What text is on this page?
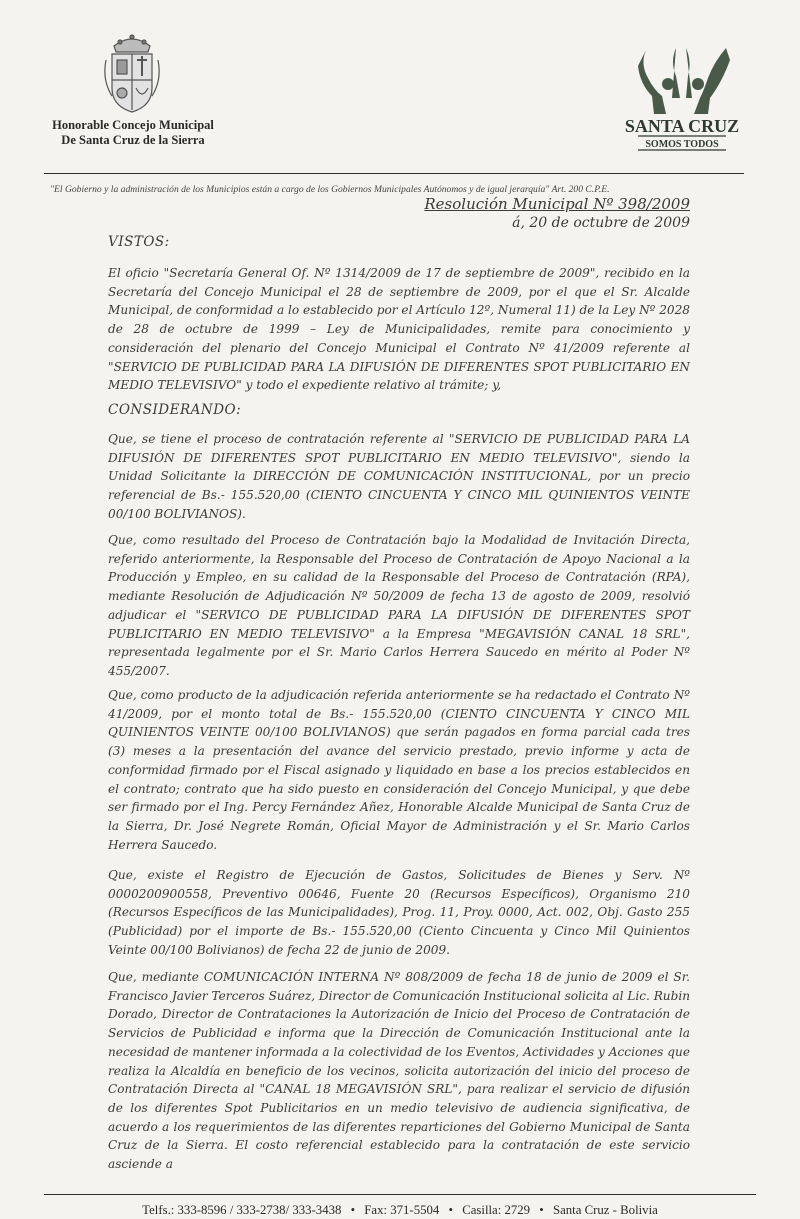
Honorable Concejo Municipal
De Santa Cruz de la Sierra
SANTA CRUZ
SOMOS TODOS
"El Gobierno y la administración de los Municipios están a cargo de los Gobiernos Municipales Autónomos y de igual jerarquía" Art. 200 C.P.E.
Resolución Municipal Nº 398/2009
á, 20 de octubre de 2009
VISTOS:

El oficio "Secretaría General Of. Nº 1314/2009 de 17 de septiembre de 2009", recibido en la Secretaría del Concejo Municipal el 28 de septiembre de 2009, por el que el Sr. Alcalde Municipal, de conformidad a lo establecido por el Artículo 12º, Numeral 11) de la Ley Nº 2028 de 28 de octubre de 1999 – Ley de Municipalidades, remite para conocimiento y consideración del plenario del Concejo Municipal el Contrato Nº 41/2009 referente al "SERVICIO DE PUBLICIDAD PARA LA DIFUSIÓN DE DIFERENTES SPOT PUBLICITARIO EN MEDIO TELEVISIVO" y todo el expediente relativo al trámite; y,

CONSIDERANDO:

Que, se tiene el proceso de contratación referente al "SERVICIO DE PUBLICIDAD PARA LA DIFUSIÓN DE DIFERENTES SPOT PUBLICITARIO EN MEDIO TELEVISIVO", siendo la Unidad Solicitante la DIRECCIÓN DE COMUNICACIÓN INSTITUCIONAL, por un precio referencial de Bs.- 155.520,00 (CIENTO CINCUENTA Y CINCO MIL QUINIENTOS VEINTE 00/100 BOLIVIANOS).

Que, como resultado del Proceso de Contratación bajo la Modalidad de Invitación Directa, referido anteriormente, la Responsable del Proceso de Contratación de Apoyo Nacional a la Producción y Empleo, en su calidad de la Responsable del Proceso de Contratación (RPA), mediante Resolución de Adjudicación Nº 50/2009 de fecha 13 de agosto de 2009, resolvió adjudicar el "SERVICO DE PUBLICIDAD PARA LA DIFUSIÓN DE DIFERENTES SPOT PUBLICITARIO EN MEDIO TELEVISIVO" a la Empresa "MEGAVISIÓN CANAL 18 SRL", representada legalmente por el Sr. Mario Carlos Herrera Saucedo en mérito al Poder Nº 455/2007.

Que, como producto de la adjudicación referida anteriormente se ha redactado el Contrato Nº 41/2009, por el monto total de Bs.- 155.520,00 (CIENTO CINCUENTA Y CINCO MIL QUINIENTOS VEINTE 00/100 BOLIVIANOS) que serán pagados en forma parcial cada tres (3) meses a la presentación del avance del servicio prestado, previo informe y acta de conformidad firmado por el Fiscal asignado y liquidado en base a los precios establecidos en el contrato; contrato que ha sido puesto en consideración del Concejo Municipal, y que debe ser firmado por el Ing. Percy Fernández Añez, Honorable Alcalde Municipal de Santa Cruz de la Sierra, Dr. José Negrete Román, Oficial Mayor de Administración y el Sr. Mario Carlos Herrera Saucedo.

Que, existe el Registro de Ejecución de Gastos, Solicitudes de Bienes y Serv. Nº 0000200900558, Preventivo 00646, Fuente 20 (Recursos Específicos), Organismo 210 (Recursos Específicos de las Municipalidades), Prog. 11, Proy. 0000, Act. 002, Obj. Gasto 255 (Publicidad) por el importe de Bs.- 155.520,00 (Ciento Cincuenta y Cinco Mil Quinientos Veinte 00/100 Bolivianos) de fecha 22 de junio de 2009.

Que, mediante COMUNICACIÓN INTERNA Nº 808/2009 de fecha 18 de junio de 2009 el Sr. Francisco Javier Terceros Suárez, Director de Comunicación Institucional solicita al Lic. Rubin Dorado, Director de Contrataciones la Autorización de Inicio del Proceso de Contratación de Servicios de Publicidad e informa que la Dirección de Comunicación Institucional ante la necesidad de mantener informada a la colectividad de los Eventos, Actividades y Acciones que realiza la Alcaldía en beneficio de los vecinos, solicita autorización del inicio del proceso de Contratación Directa al "CANAL 18 MEGAVISIÓN SRL", para realizar el servicio de difusión de los diferentes Spot Publicitarios en un medio televisivo de audiencia significativa, de acuerdo a los requerimientos de las diferentes reparticiones del Gobierno Municipal de Santa Cruz de la Sierra. El costo referencial establecido para la contratación de este servicio asciende a

Telfs.: 333-8596 / 333-2738/ 333-3438 • Fax: 371-5504 • Casilla: 2729 • Santa Cruz - Bolivia
